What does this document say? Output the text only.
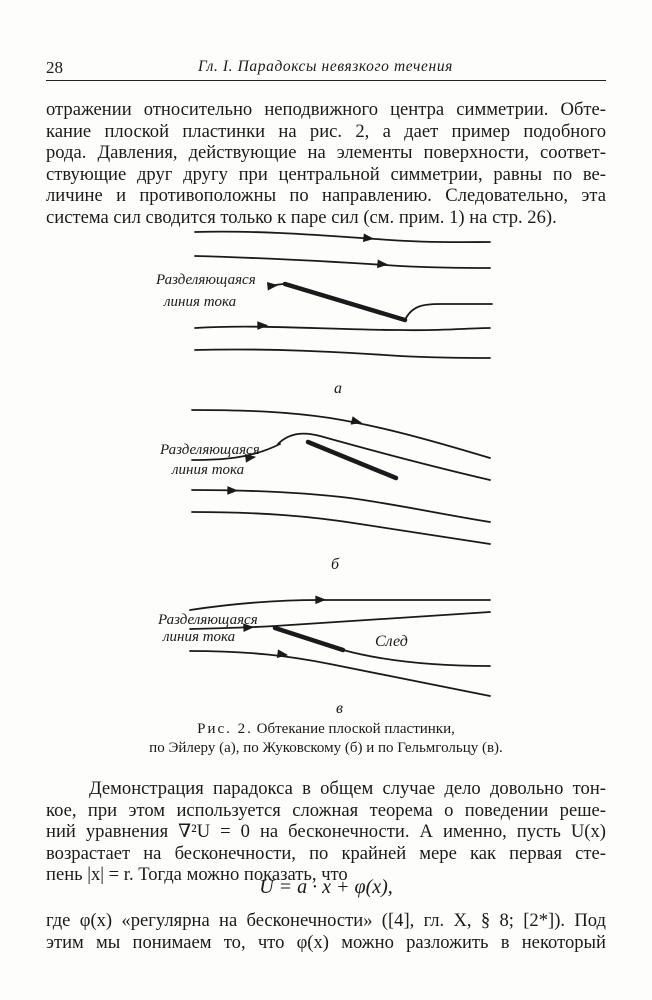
28	Гл. I. Парадоксы невязкого течения

отражении относительно неподвижного центра симметрии. Обте-
кание плоской пластинки на рис. 2, а дает пример подобного
рода. Давления, действующие на элементы поверхности, соответ-
ствующие друг другу при центральной симметрии, равны по ве-
личине и противоположны по направлению. Следовательно, эта
система сил сводится только к паре сил (см. прим. 1) на стр. 26).

Разделяющаяся
линия тока
а
Разделяющаяся
линия тока
б
Разделяющаяся
линия тока	След
в

Рис. 2. Обтекание плоской пластинки,

по Эйлеру (а), по Жуковскому (б) и по Гельмгольцу (в).

Демонстрация парадокса в общем случае дело довольно тон-
кое, при этом используется сложная теорема о поведении реше-
ний уравнения ∇²U = 0 на бесконечности. А именно, пусть U(x)
возрастает на бесконечности, по крайней мере как первая сте-
пень |x| = r. Тогда можно показать, что

U = a · x + φ(x),

где φ(x) «регулярна на бесконечности» ([4], гл. X, § 8; [2*]). Под
этим мы понимаем то, что φ(x) можно разложить в некоторый
